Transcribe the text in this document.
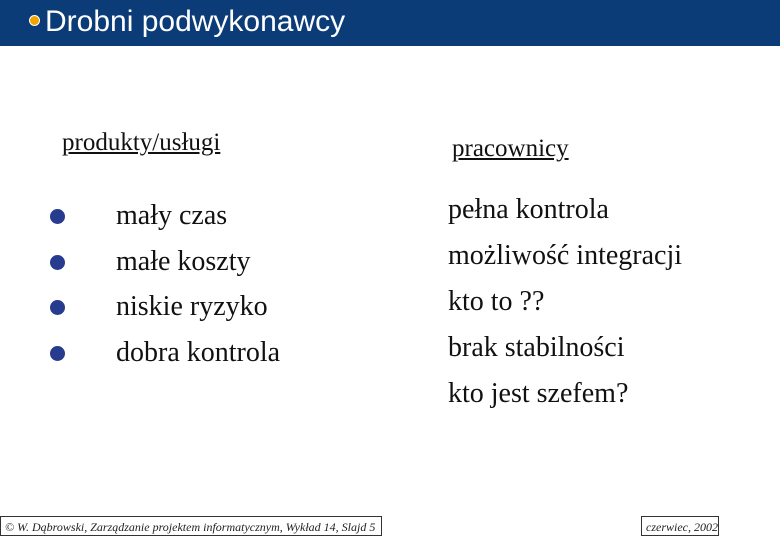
Drobni podwykonawcy
produkty/usługi	pracownicy
mały czas
małe koszty
niskie ryzyko
dobra kontrola
pełna kontrola
możliwość integracji
kto to ??
brak stabilności
kto jest szefem?
© W. Dąbrowski, Zarządzanie projektem informatycznym, Wykład 14, Slajd 5	czerwiec, 2002
